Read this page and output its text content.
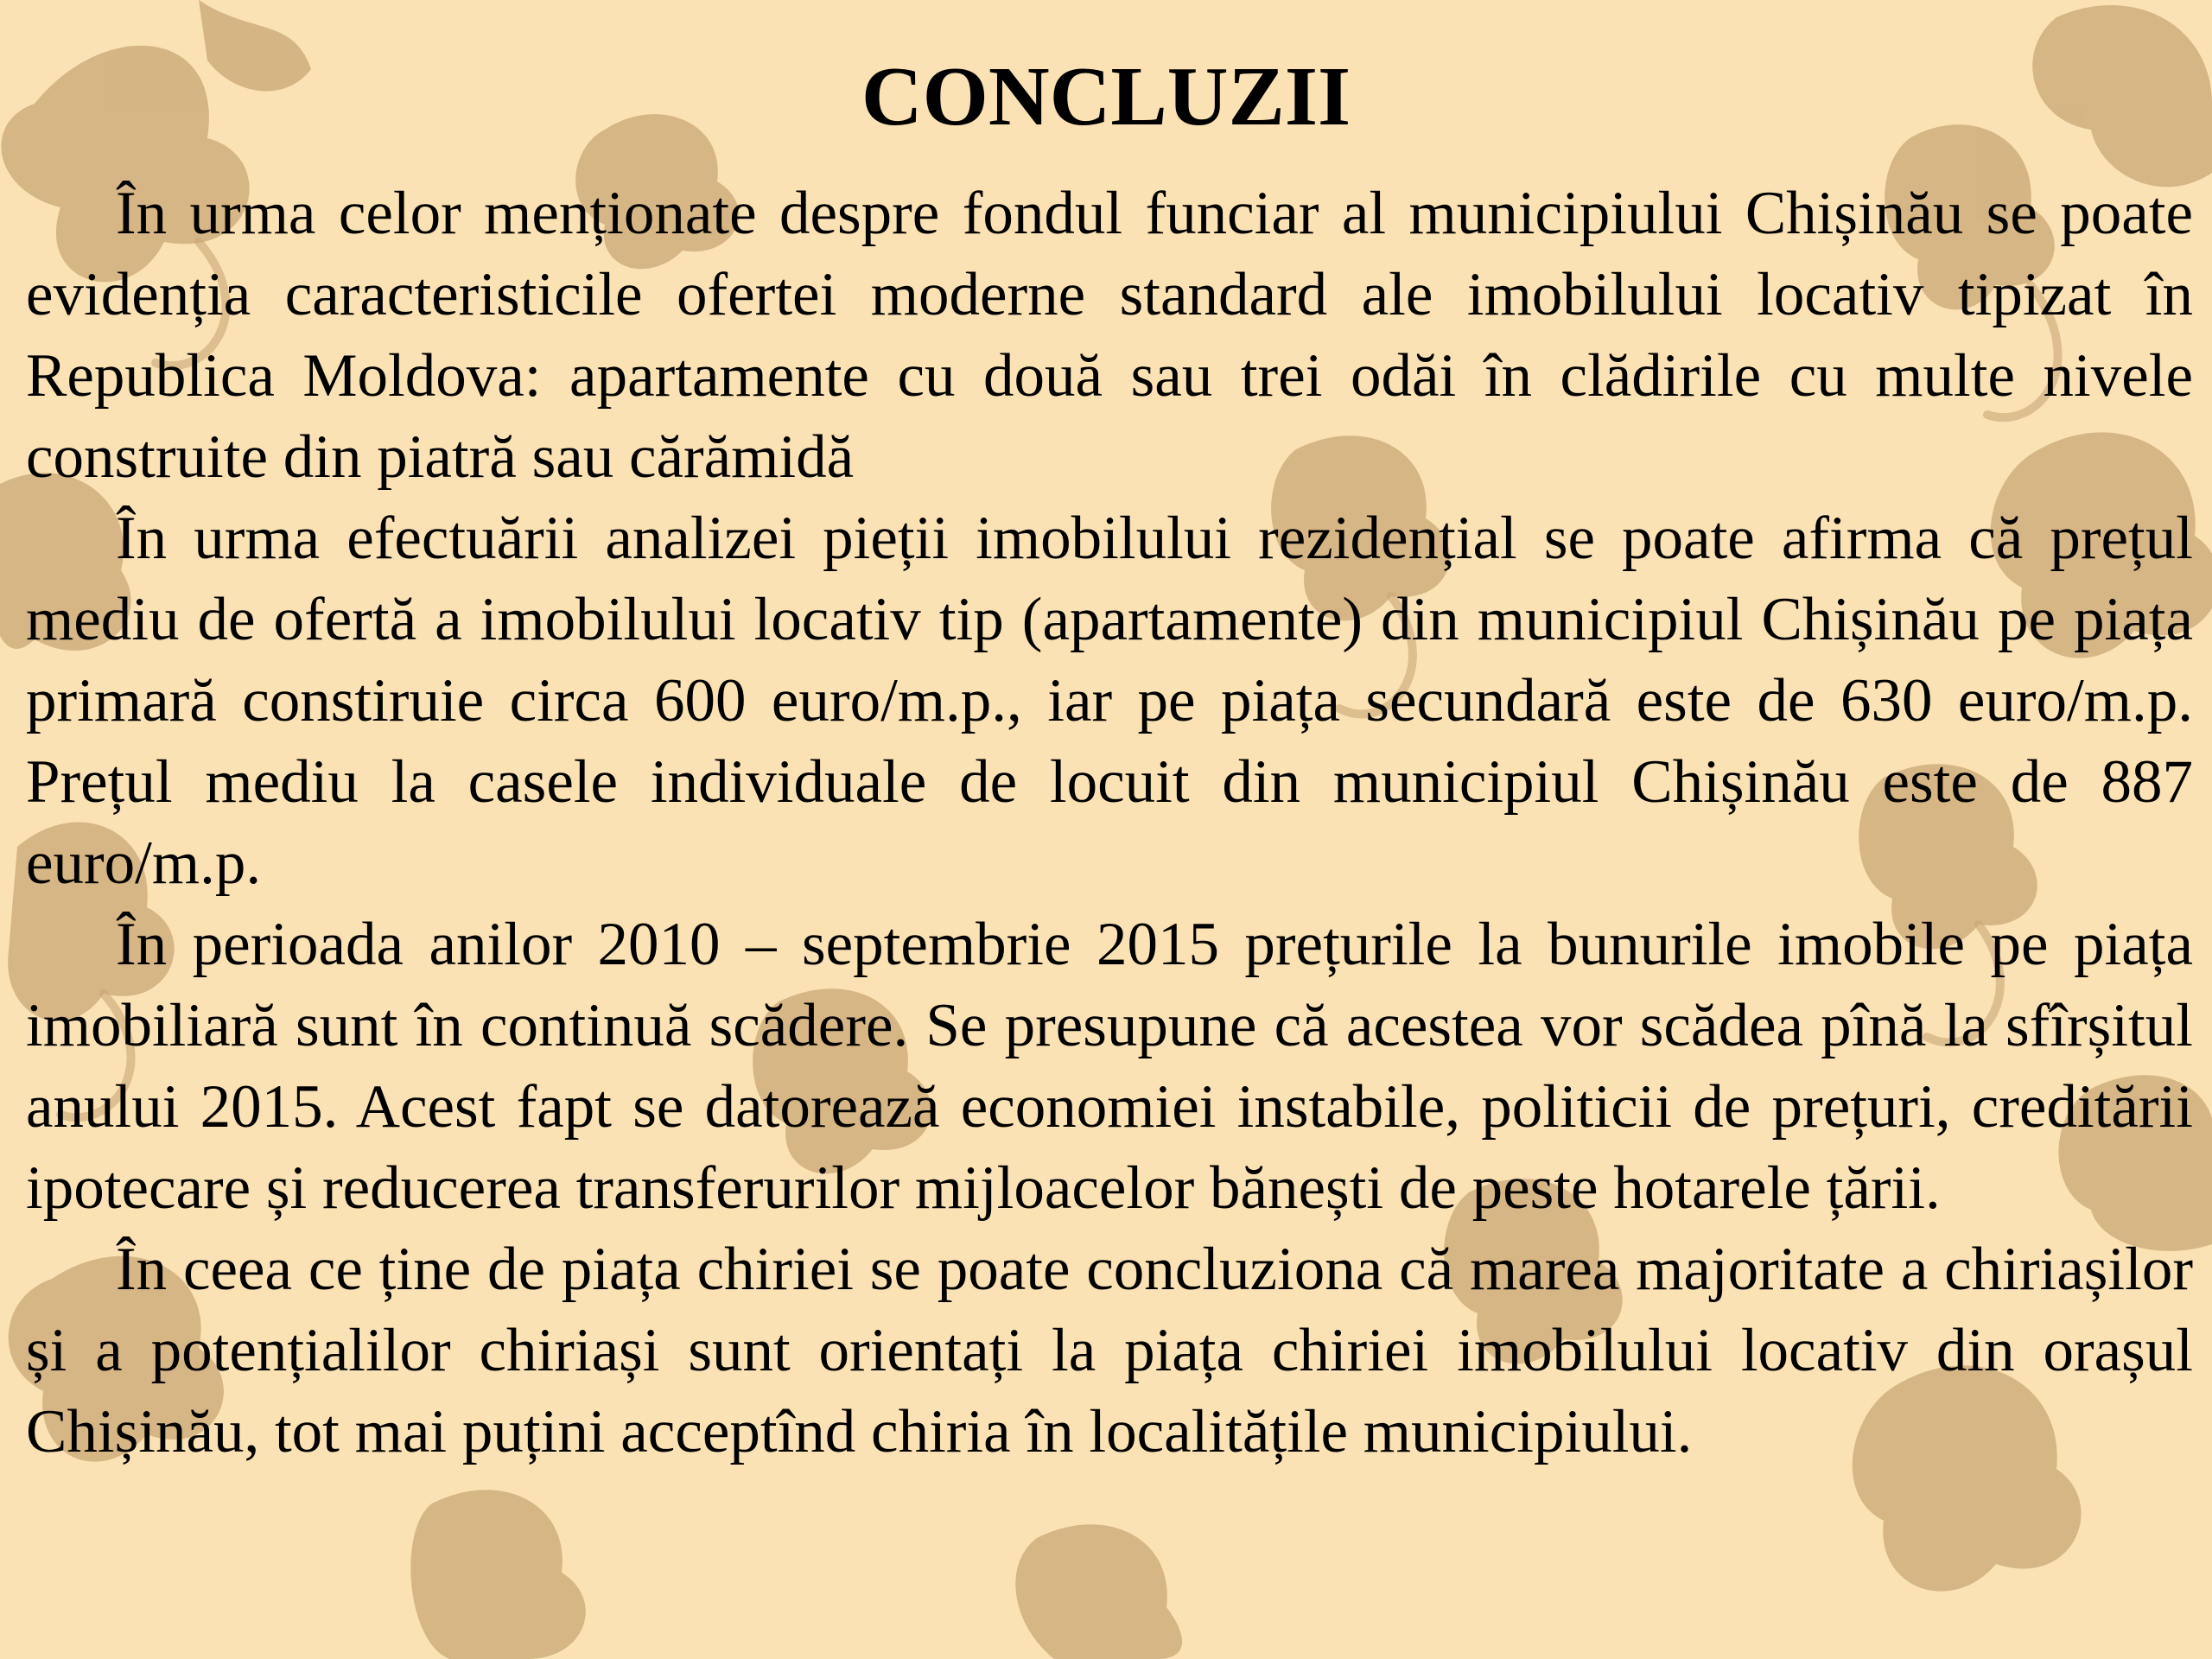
CONCLUZII

În urma celor menționate despre fondul funciar al municipiului Chișinău se poate evidenția caracteristicile ofertei moderne standard ale imobilului locativ tipizat în Republica Moldova: apartamente cu două sau trei odăi în clădirile cu multe nivele construite din piatră sau cărămidă

În urma efectuării analizei pieții imobilului rezidențial se poate afirma că prețul mediu de ofertă a imobilului locativ tip (apartamente) din municipiul Chișinău pe piața primară constiruie circa 600 euro/m.p., iar pe piața secundară este de 630 euro/m.p. Prețul mediu la casele individuale de locuit din municipiul Chișinău este de 887 euro/m.p.

În perioada anilor 2010 – septembrie 2015 prețurile la bunurile imobile pe piața imobiliară sunt în continuă scădere. Se presupune că acestea vor scădea pînă la sfîrșitul anului 2015. Acest fapt se datorează economiei instabile, politicii de prețuri, creditării ipotecare și reducerea transferurilor mijloacelor bănești de peste hotarele țării.

În ceea ce ține de piața chiriei se poate concluziona că marea majoritate a chiriașilor și a potențialilor chiriași sunt orientați la piața chiriei imobilului locativ din orașul Chișinău, tot mai puțini acceptînd chiria în localitățile municipiului.
